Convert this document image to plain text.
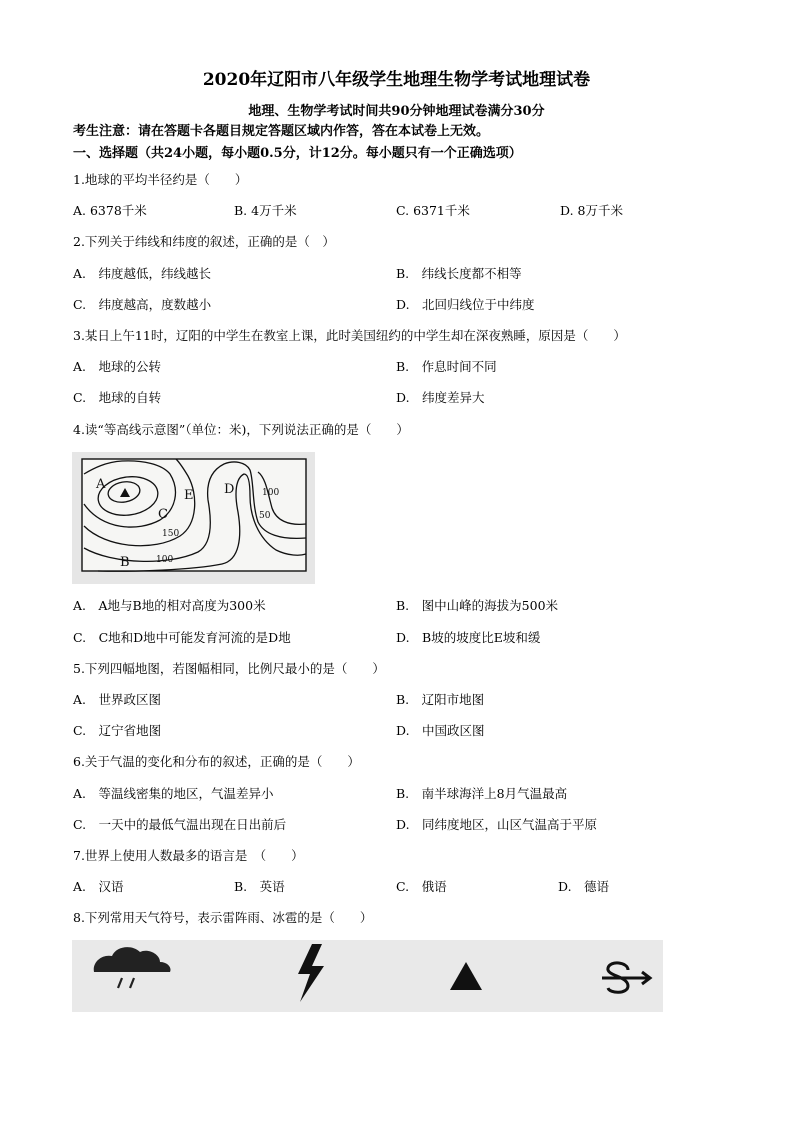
2020年辽阳市八年级学生地理生物学考试地理试卷
地理、生物学考试时间共90分钟地理试卷满分30分
考生注意：请在答题卡各题目规定答题区域内作答，答在本试卷上无效。
一、选择题（共24小题，每小题0.5分，计12分。每小题只有一个正确选项）
1.地球的平均半径约是（　　）
A. 6378千米	B. 4万千米	C. 6371千米	D. 8万千米
2.下列关于纬线和纬度的叙述，正确的是（　）
A.　纬度越低，纬线越长	B.　纬线长度都不相等
C.　纬度越高，度数越小	D.　北回归线位于中纬度
3.某日上午11时，辽阳的中学生在教室上课，此时美国纽约的中学生却在深夜熟睡，原因是（　　）
A.　地球的公转	B.　作息时间不同
C.　地球的自转	D.　纬度差异大
4.读“等高线示意图”（单位：米)，下列说法正确的是（　　）
A
B
C
D
E
150
100
100
50
A.　A地与B地的相对高度为300米	B.　图中山峰的海拔为500米
C.　C地和D地中可能发育河流的是D地	D.　B坡的坡度比E坡和缓
5.下列四幅地图，若图幅相同，比例尺最小的是（　　）
A.　世界政区图	B.　辽阳市地图
C.　辽宁省地图	D.　中国政区图
6.关于气温的变化和分布的叙述，正确的是（　　）
A.　等温线密集的地区，气温差异小	B.　南半球海洋上8月气温最高
C.　一天中的最低气温出现在日出前后	D.　同纬度地区，山区气温高于平原
7.世界上使用人数最多的语言是　（　　）
A.　汉语	B.　英语	C.　俄语	D.　德语
8.下列常用天气符号，表示雷阵雨、冰雹的是（　　）
